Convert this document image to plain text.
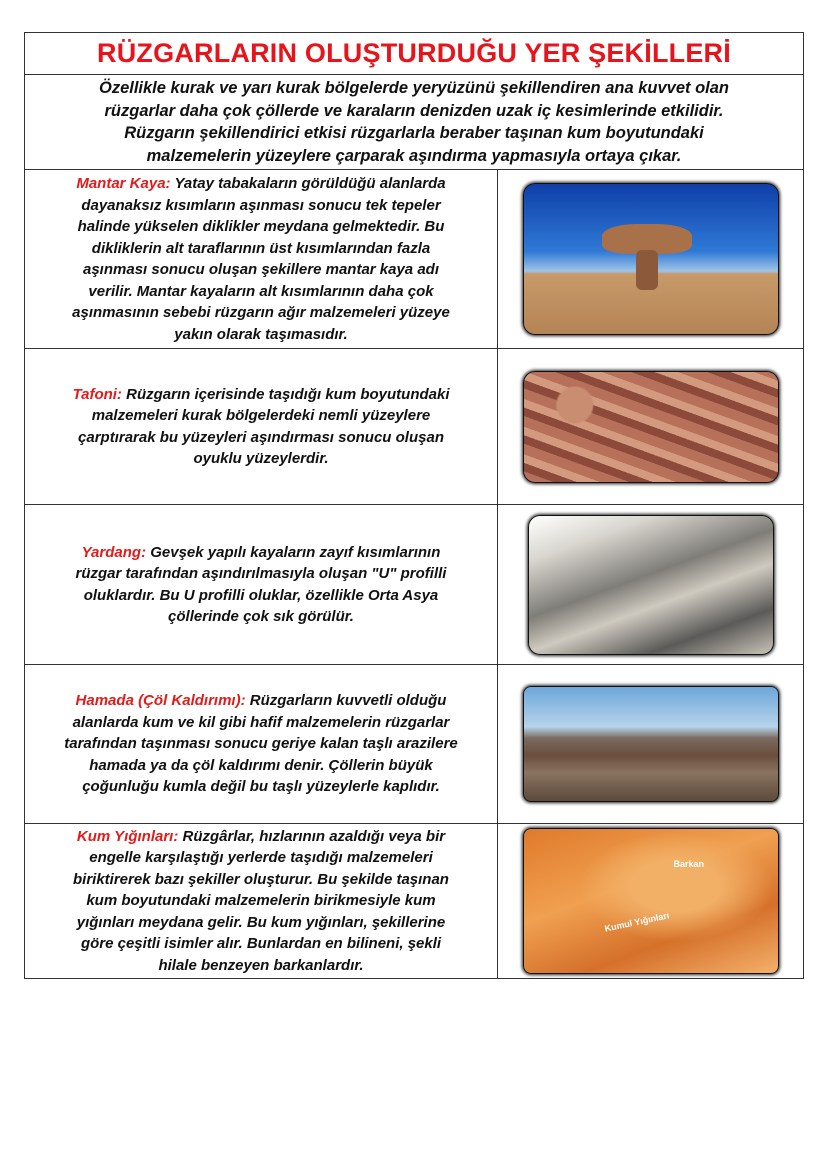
RÜZGARLARIN OLUŞTURDUĞU YER ŞEKİLLERİ
Özellikle kurak ve yarı kurak bölgelerde yeryüzünü şekillendiren ana kuvvet olan
rüzgarlar daha çok çöllerde ve karaların denizden uzak iç kesimlerinde etkilidir.
Rüzgarın şekillendirici etkisi rüzgarlarla beraber taşınan kum boyutundaki
malzemelerin yüzeylere çarparak aşındırma yapmasıyla ortaya çıkar.
Mantar Kaya: Yatay tabakaların görüldüğü alanlarda
dayanaksız kısımların aşınması sonucu tek tepeler
halinde yükselen diklikler meydana gelmektedir. Bu
dikliklerin alt taraflarının üst kısımlarından fazla
aşınması sonucu oluşan şekillere mantar kaya adı
verilir. Mantar kayaların alt kısımlarının daha çok
aşınmasının sebebi rüzgarın ağır malzemeleri yüzeye
yakın olarak taşımasıdır.
Tafoni: Rüzgarın içerisinde taşıdığı kum boyutundaki
malzemeleri kurak bölgelerdeki nemli yüzeylere
çarptırarak bu yüzeyleri aşındırması sonucu oluşan
oyuklu yüzeylerdir.
Yardang: Gevşek yapılı kayaların zayıf kısımlarının
rüzgar tarafından aşındırılmasıyla oluşan "U" profilli
oluklardır. Bu U profilli oluklar, özellikle Orta Asya
çöllerinde çok sık görülür.
Hamada (Çöl Kaldırımı): Rüzgarların kuvvetli olduğu
alanlarda kum ve kil gibi hafif malzemelerin rüzgarlar
tarafından taşınması sonucu geriye kalan taşlı arazilere
hamada ya da çöl kaldırımı denir. Çöllerin büyük
çoğunluğu kumla değil bu taşlı yüzeylerle kaplıdır.
Kum Yığınları: Rüzgârlar, hızlarının azaldığı veya bir
engelle karşılaştığı yerlerde taşıdığı malzemeleri
biriktirerek bazı şekiller oluşturur. Bu şekilde taşınan
kum boyutundaki malzemelerin birikmesiyle kum
yığınları meydana gelir. Bu kum yığınları, şekillerine
göre çeşitli isimler alır. Bunlardan en bilineni, şekli
hilale benzeyen barkanlardır.
Barkan
Kumul Yığınları
